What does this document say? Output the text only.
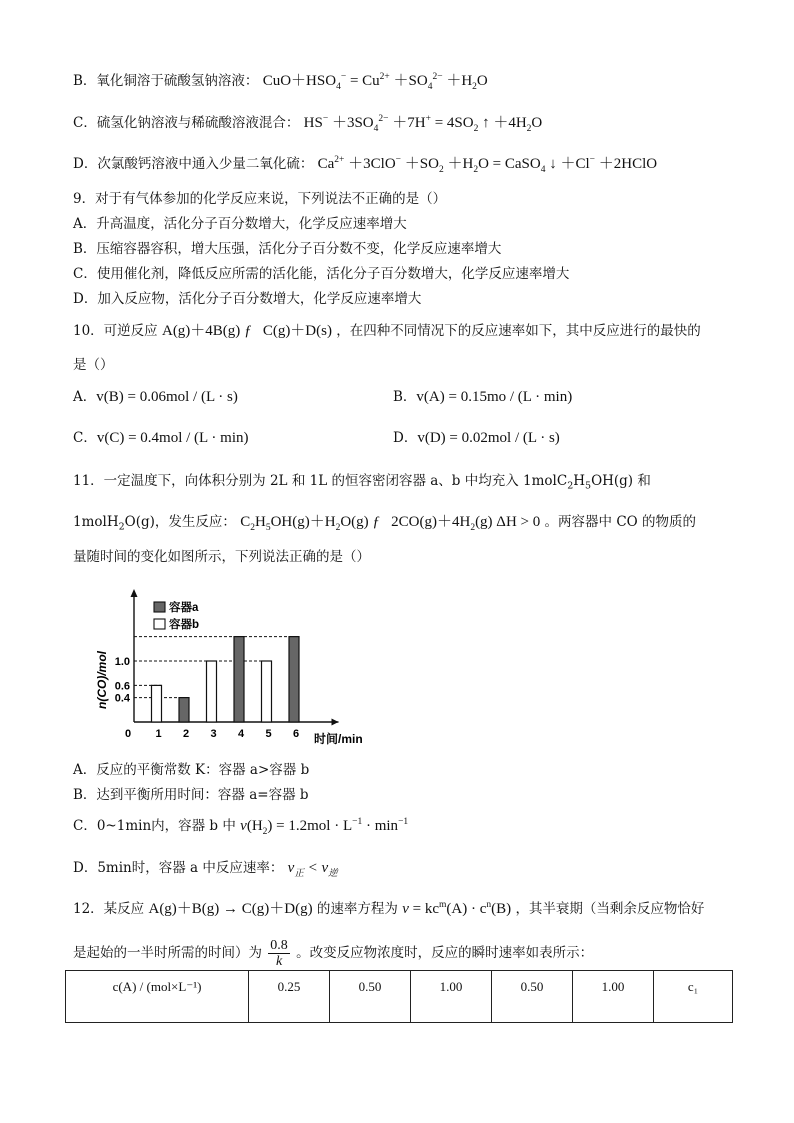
B．氧化铜溶于硫酸氢钠溶液： $CuO+HSO_4^- = Cu^{2+} +SO_4^{2-} +H_2O$
C．硫氢化钠溶液与稀硫酸溶液混合： $HS^- +3SO_4^{2-} +7H^+ = 4SO_2$ ↑ $+4H_2O$
D．次氯酸钙溶液中通入少量二氧化硫： $Ca^{2+} +3ClO^- +SO_2 +H_2O$ = CaSO$_4$ ↓ ＋Cl− ＋2HClO
9．对于有气体参加的化学反应来说，下列说法不正确的是（）
A．升高温度，活化分子百分数增大，化学反应速率增大
B．压缩容器容积，增大压强，活化分子百分数不变，化学反应速率增大
C．使用催化剂，降低反应所需的活化能，活化分子百分数增大，化学反应速率增大
D．加入反应物，活化分子百分数增大，化学反应速率增大
10．可逆反应 A(g)＋4B(g) ƒ   C(g)＋D(s) ，在四种不同情况下的反应速率如下，其中反应进行的最快的
是（）
A．v(B) = 0.06mol / (L · s)	B．v(A) = 0.15mo / (L · min)
C．v(C) = 0.4mol / (L · min)	D．v(D) = 0.02mol / (L · s)
11．一定温度下，向体积分别为 2L 和 1L 的恒容密闭容器 a、b 中均充入 $1molC_2H_5OH(g)$ 和
1molH$_2$O(g)，发生反应： $C_2H_5OH(g)+H_2O(g)$ ƒ   $2CO(g)+4H_2(g) \Delta H > 0$ 。两容器中 CO 的物质的
量随时间的变化如图所示，下列说法正确的是（）
0 1 2 3 4 5 6
0.4
0.6
1.0
容器a
容器b
n(CO)/mol
时间/min
A．反应的平衡常数 K：容器 a>容器 b
B．达到平衡所用时间：容器 a=容器 b
C．0~1min内，容器 b 中 $v(H_2) = 1.2mol \cdot L^{-1} \cdot \min^{-1}$
D．5min时，容器 a 中反应速率： $v_正 < v_逆$
12．某反应 A(g)＋B(g) → C(g)＋D(g) 的速率方程为 $v = kc^m(A) \cdot c^n(B)$ ，其半衰期（当剩余反应物恰好
是起始的一半时所需的时间）为 $\frac{0.8}{k}$ 。改变反应物浓度时，反应的瞬时速率如表所示：
c(A) / (mol×L⁻¹)	0.25	0.50	1.00	0.50	1.00	c₁
